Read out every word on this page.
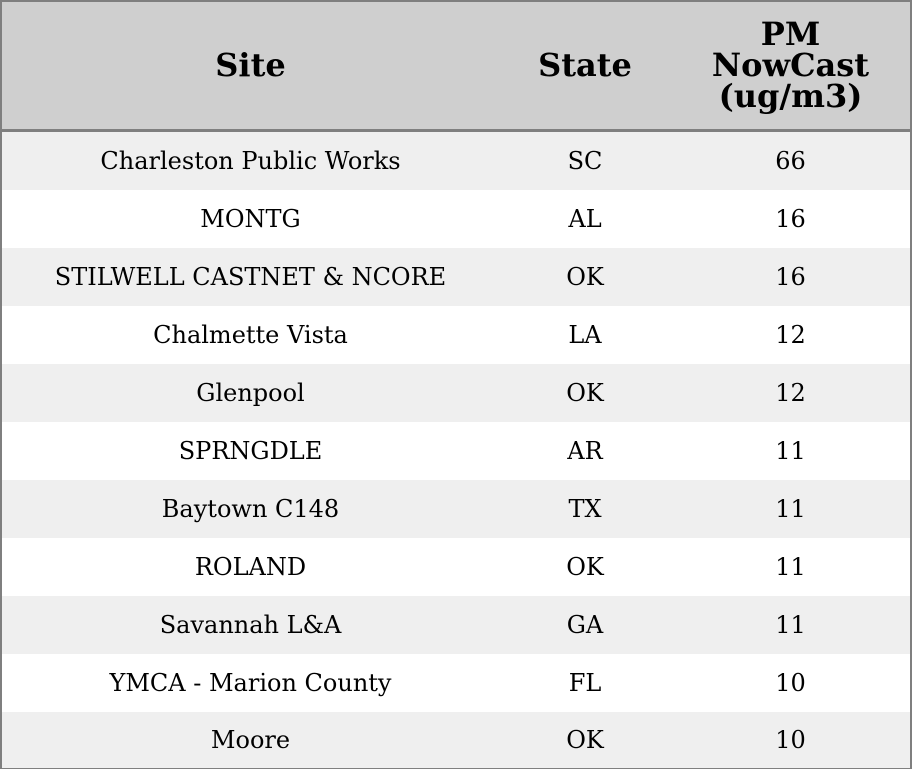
Site	State	PM
NowCast
(ug/m3)
Charleston Public Works	SC	66
MONTG	AL	16
STILWELL CASTNET & NCORE	OK	16
Chalmette Vista	LA	12
Glenpool	OK	12
SPRNGDLE	AR	11
Baytown C148	TX	11
ROLAND	OK	11
Savannah L&A	GA	11
YMCA - Marion County	FL	10
Moore	OK	10
